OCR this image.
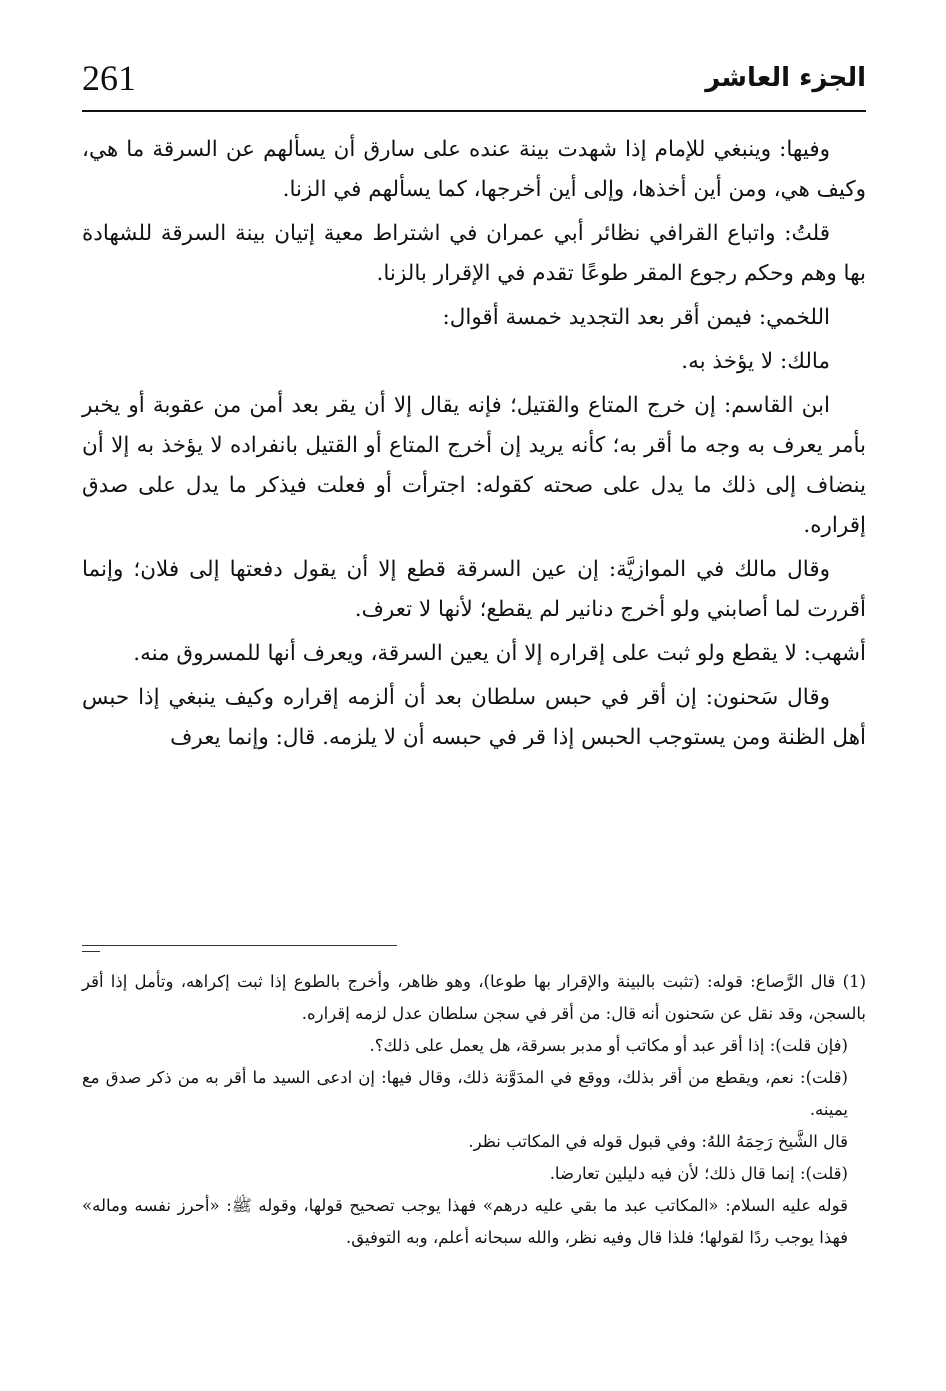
261	الجزء العاشر

وفيها: وينبغي للإمام إذا شهدت بينة عنده على سارق أن يسألهم عن السرقة ما هي، وكيف هي، ومن أين أخذها، وإلى أين أخرجها، كما يسألهم في الزنا.

قلتُ: واتباع القرافي نظائر أبي عمران في اشتراط معية إتيان بينة السرقة للشهادة بها وهم وحكم رجوع المقر طوعًا تقدم في الإقرار بالزنا.

اللخمي: فيمن أقر بعد التجديد خمسة أقوال:

مالك: لا يؤخذ به.

ابن القاسم: إن خرج المتاع والقتيل؛ فإنه يقال إلا أن يقر بعد أمن من عقوبة أو يخبر بأمر يعرف به وجه ما أقر به؛ كأنه يريد إن أخرج المتاع أو القتيل بانفراده لا يؤخذ به إلا أن ينضاف إلى ذلك ما يدل على صحته كقوله: اجترأت أو فعلت فيذكر ما يدل على صدق إقراره.

وقال مالك في الموازيَّة: إن عين السرقة قطع إلا أن يقول دفعتها إلى فلان؛ وإنما أقررت لما أصابني ولو أخرج دنانير لم يقطع؛ لأنها لا تعرف.

أشهب: لا يقطع ولو ثبت على إقراره إلا أن يعين السرقة، ويعرف أنها للمسروق منه.

وقال سَحنون: إن أقر في حبس سلطان بعد أن ألزمه إقراره وكيف ينبغي إذا حبس أهل الظنة ومن يستوجب الحبس إذا قر في حبسه أن لا يلزمه. قال: وإنما يعرف

(1) قال الرَّصاع: قوله: (تثبت بالبينة والإقرار بها طوعا)، وهو ظاهر، وأخرج بالطوع إذا ثبت إكراهه، وتأمل إذا أقر بالسجن، وقد نقل عن سَحنون أنه قال: من أقر في سجن سلطان عدل لزمه إقراره.

(فإن قلت): إذا أقر عبد أو مكاتب أو مدبر بسرقة، هل يعمل على ذلك؟.

(قلت): نعم، ويقطع من أقر بذلك، ووقع في المدَوَّنة ذلك، وقال فيها: إن ادعى السيد ما أقر به من ذكر صدق مع يمينه.

قال الشَّيخ رَحِمَهُ اللهُ: وفي قبول قوله في المكاتب نظر.

(قلت): إنما قال ذلك؛ لأن فيه دليلين تعارضا.

قوله عليه السلام: «المكاتب عبد ما بقي عليه درهم» فهذا يوجب تصحيح قولها، وقوله ﷺ: «أحرز نفسه وماله» فهذا يوجب ردًا لقولها؛ فلذا قال وفيه نظر، والله سبحانه أعلم، وبه التوفيق.
